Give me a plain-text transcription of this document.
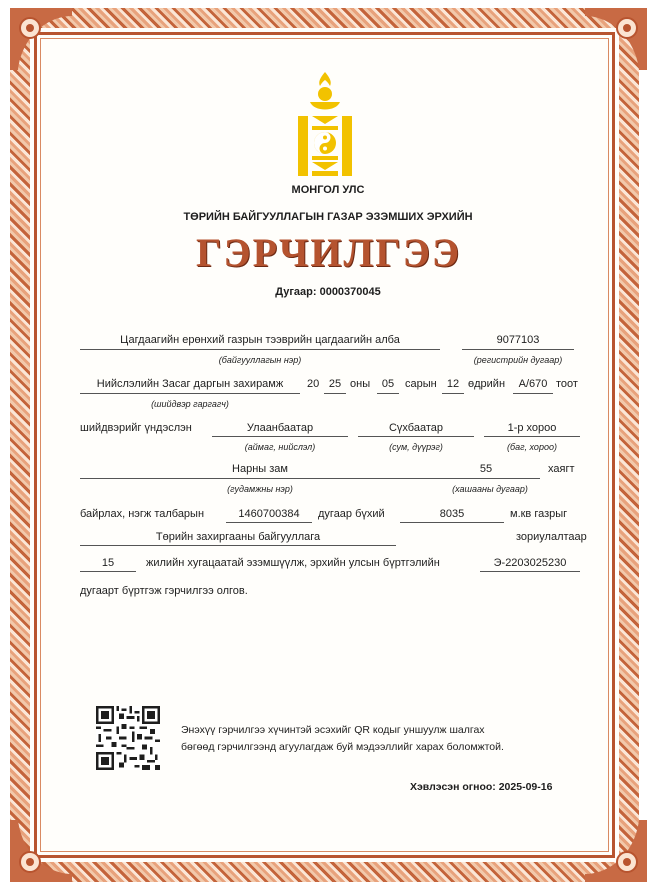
МОНГОЛ УЛС
ТӨРИЙН БАЙГУУЛЛАГЫН ГАЗАР ЭЗЭМШИХ ЭРХИЙН
ГЭРЧИЛГЭЭ
Дугаар: 0000370045
Цагдаагийн ерөнхий газрын тээврийн цагдаагийн алба
(байгууллагын нэр)
9077103
(регистрийн дугаар)
Нийслэлийн Засаг даргын захирамж	20 25 оны	05 сарын 12 өдрийн	А/670 тоот
(шийдвэр гаргагч)
шийдвэрийг үндэслэн	Улаанбаатар
(аймаг, нийслэл)
Сүхбаатар
(сум, дүүрэг)
1-р хороо
(баг, хороо)
Нарны зам
(гудамжны нэр)
55
(хашааны дугаар)
хаягт
байрлах, нэгж талбарын	1460700384	дугаар бүхий	8035	м.кв газрыг
Төрийн захиргааны байгууллага	зориулалтаар
15	жилийн хугацаатай эзэмшүүлж, эрхийн улсын бүртгэлийн	Э-2203025230
дугаарт бүртгэж гэрчилгээ олгов.
Энэхүү гэрчилгээ хүчинтэй эсэхийг QR кодыг уншуулж шалгах
бөгөөд гэрчилгээнд агуулагдаж буй мэдээллийг харах боломжтой.
Хэвлэсэн огноо: 2025-09-16
